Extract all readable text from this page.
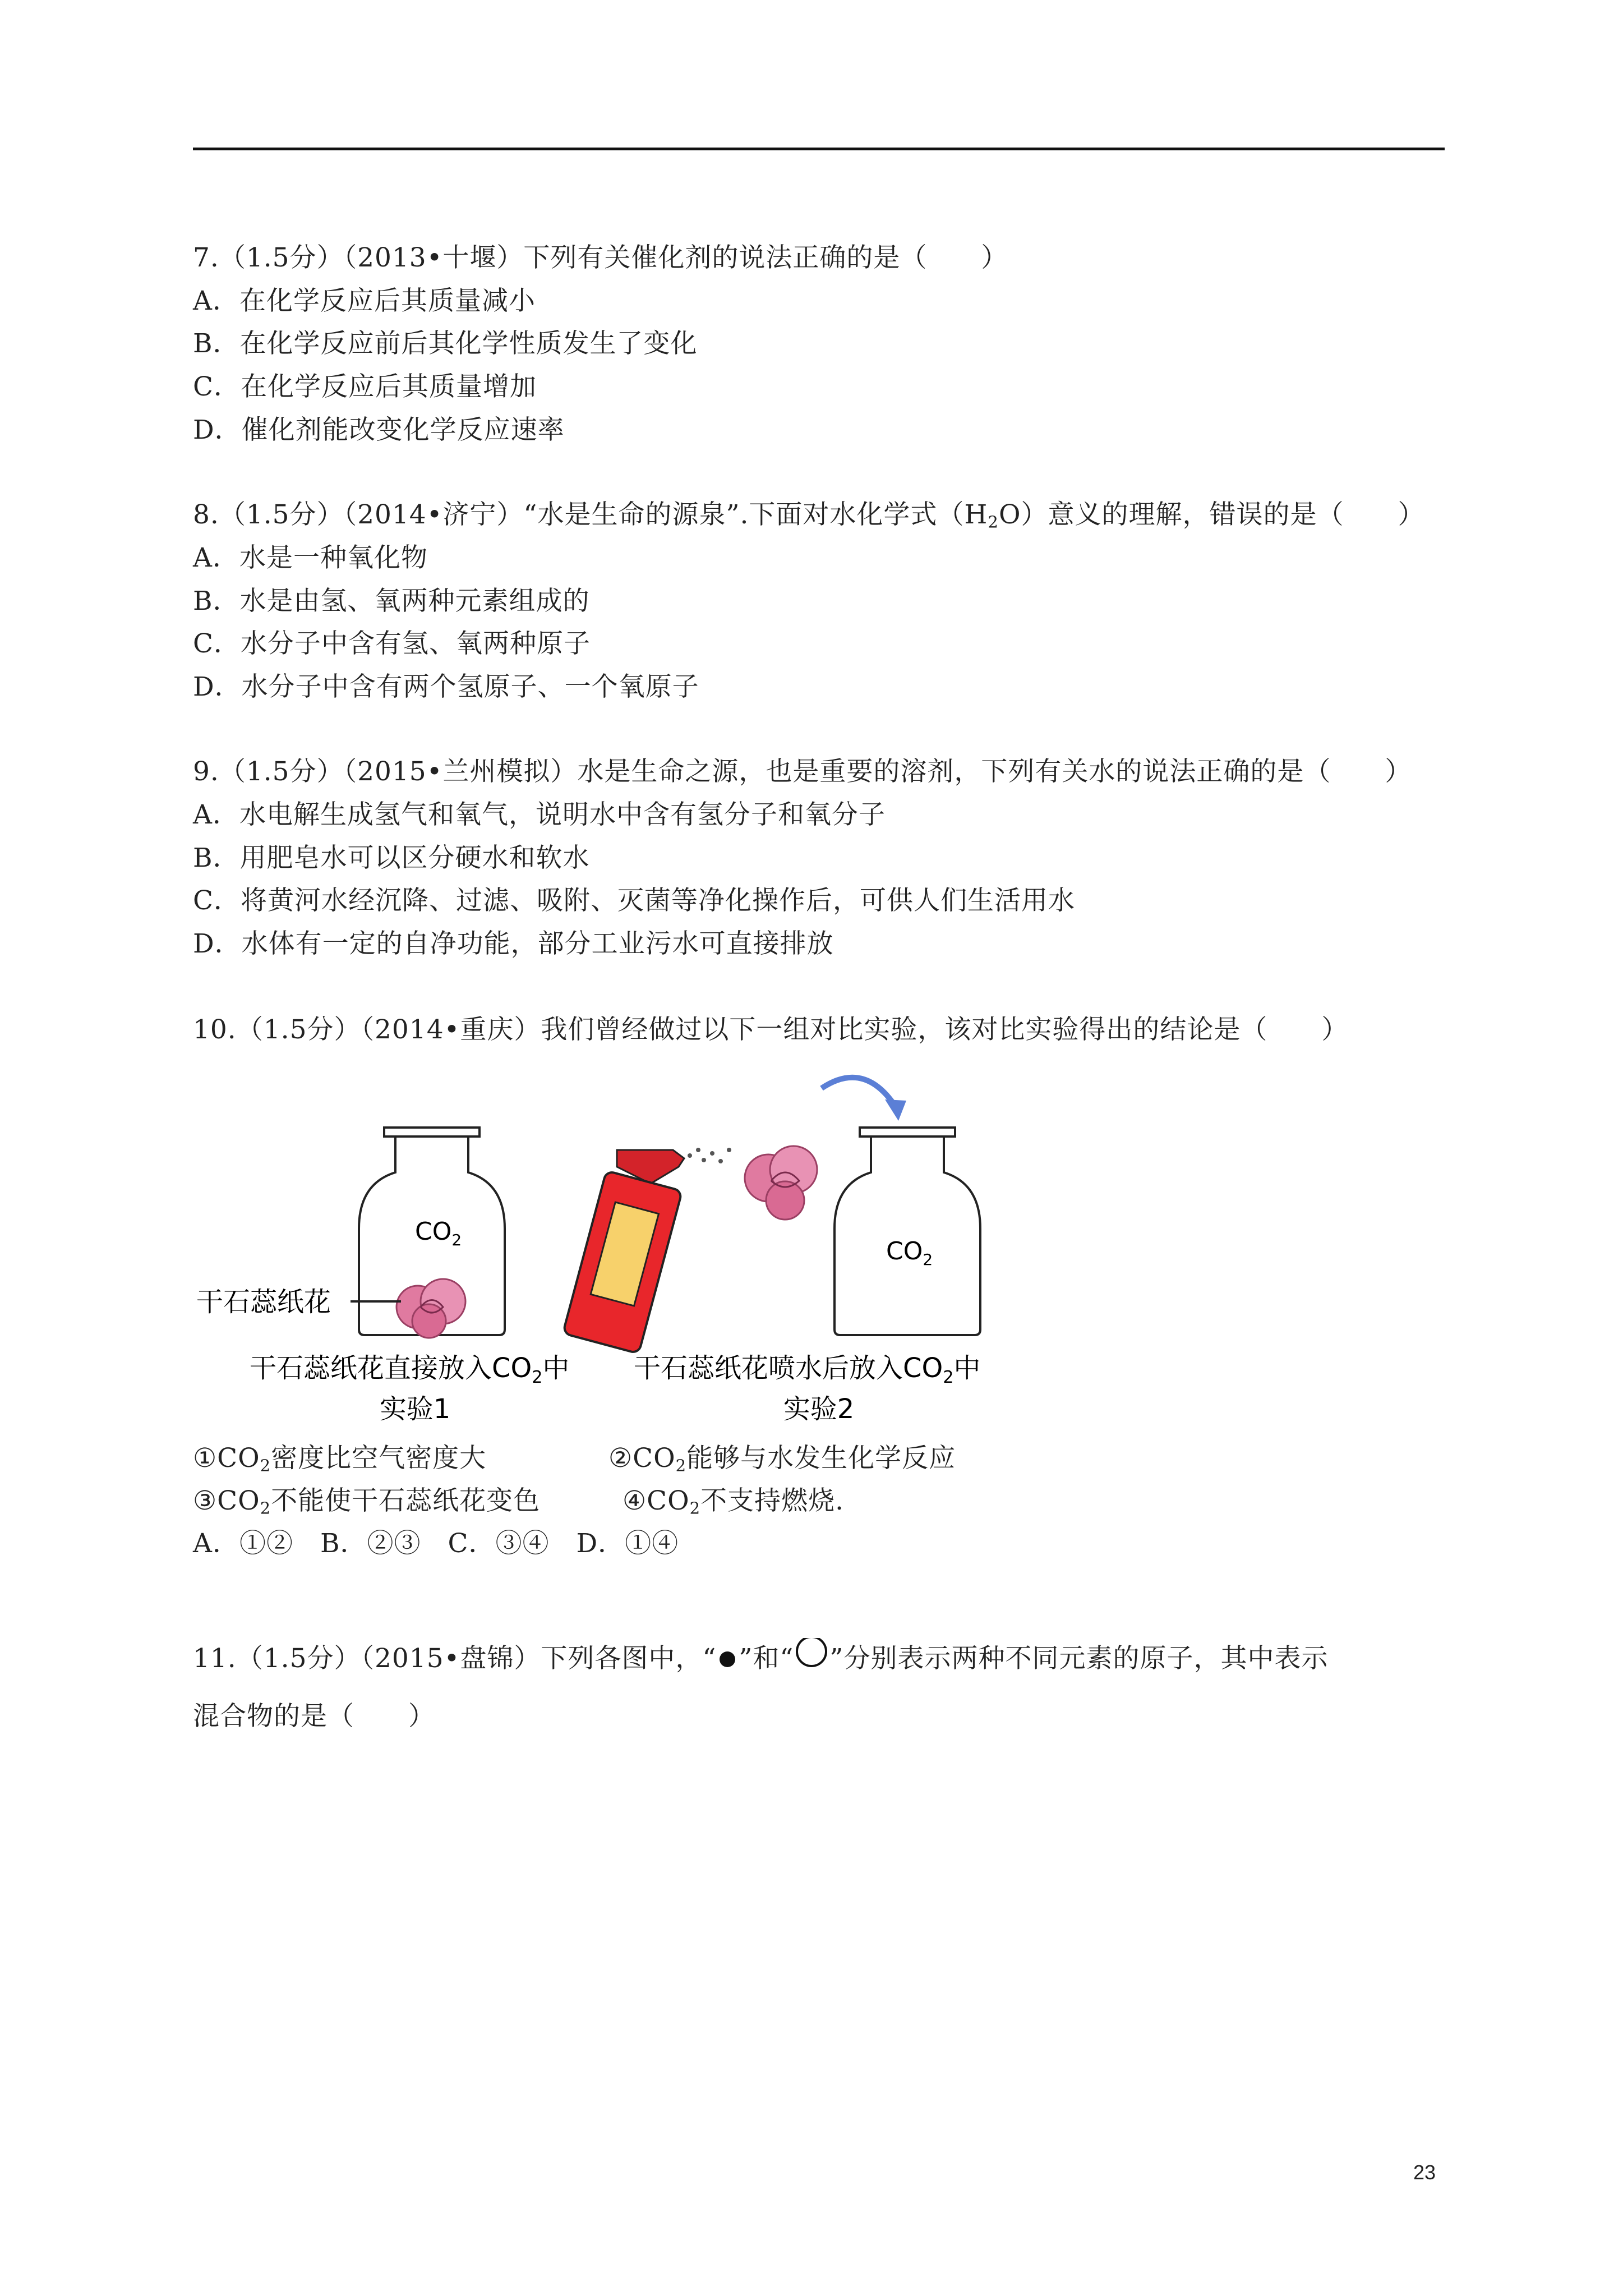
7.（1.5分）（2013•十堰）下列有关催化剂的说法正确的是（　　）
A．在化学反应后其质量减小
B．在化学反应前后其化学性质发生了变化
C．在化学反应后其质量增加
D．催化剂能改变化学反应速率
8.（1.5分）（2014•济宁）“水是生命的源泉”.下面对水化学式$(H_2O)$意义的理解，错误的是（　　）
A．水是一种氧化物
B．水是由氢、氧两种元素组成的
C．水分子中含有氢、氧两种原子
D．水分子中含有两个氢原子、一个氧原子
9.（1.5分）（2015•兰州模拟）水是生命之源，也是重要的溶剂，下列有关水的说法正确的是（　　）
A．水电解生成氢气和氧气，说明水中含有氢分子和氧分子
B．用肥皂水可以区分硬水和软水
C．将黄河水经沉降、过滤、吸附、灭菌等净化操作后，可供人们生活用水
D．水体有一定的自净功能，部分工业污水可直接排放
10.（1.5分）（2014•重庆）我们曾经做过以下一组对比实验，该对比实验得出的结论是（　　）
$CO_2$
干石蕊纸花
$CO_2$
干石蕊纸花直接放入$CO_2$中
实验1
干石蕊纸花喷水后放入$CO_2$中
实验2
$①CO_2$密度比空气密度大	$②CO_2$能够与水发生化学反应
$③CO_2$不能使干石蕊纸花变色	$④CO_2$不支持燃烧.
A．①②　B．②③　C．③④　D．①④
11.（1.5分）（2015•盘锦）下列各图中，“ ”和“ ”分别表示两种不同元素的原子，其中表示
混合物的是（　　）
23
